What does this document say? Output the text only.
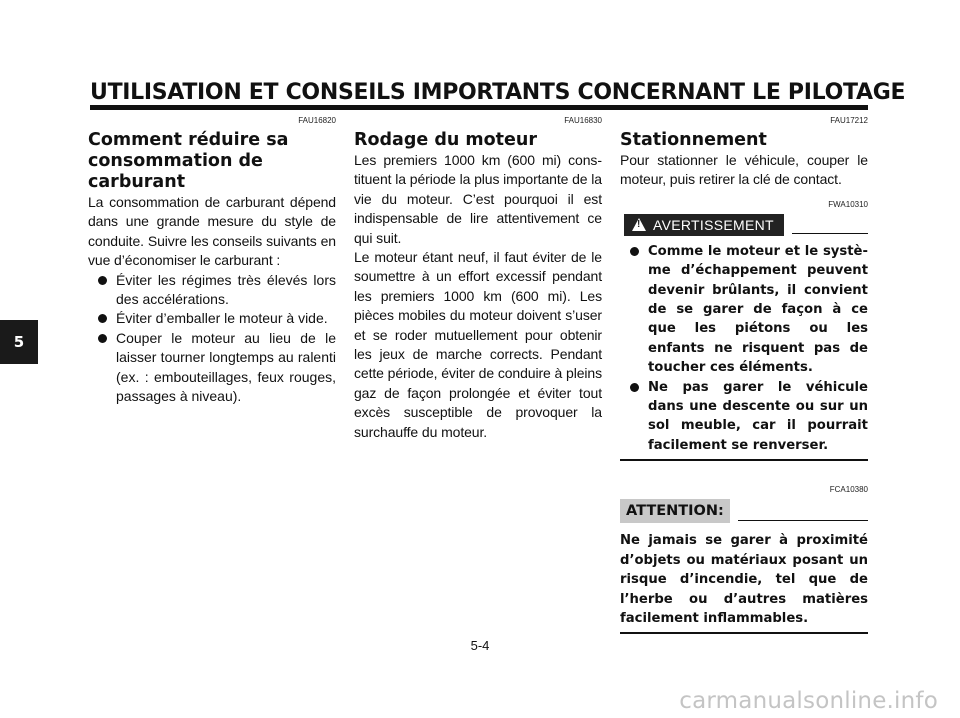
UTILISATION ET CONSEILS IMPORTANTS CONCERNANT LE PILOTAGE
5
FAU16820
Comment réduire sa
consommation de carburant

La consommation de carburant dépend dans une grande mesure du style de conduite. Suivre les conseils suivants en vue d’économiser le carburant :

Éviter les régimes très élevés lors des accélérations.
Éviter d’emballer le moteur à vide.
Couper le moteur au lieu de le laisser tourner longtemps au ralenti (ex. : embouteillages, feux rouges, passages à niveau).
FAU16830
Rodage du moteur

Les premiers 1000 km (600 mi) constituent la période la plus importante de la vie du moteur. C’est pourquoi il est indispensable de lire attentivement ce qui suit.

Le moteur étant neuf, il faut éviter de le soumettre à un effort excessif pendant les premiers 1000 km (600 mi). Les pièces mobiles du moteur doivent s’user et se roder mutuellement pour obtenir les jeux de marche corrects. Pendant cette période, éviter de conduire à pleins gaz de façon prolongée et éviter tout excès susceptible de provoquer la surchauffe du moteur.

FAU17212
Stationnement

Pour stationner le véhicule, couper le moteur, puis retirer la clé de contact.

FWA10310
! AVERTISSEMENT
Comme le moteur et le système d’échappement peuvent devenir brûlants, il convient de se garer de façon à ce que les piétons ou les enfants ne risquent pas de toucher ces éléments.
Ne pas garer le véhicule dans une descente ou sur un sol meuble, car il pourrait facilement se renverser.
FCA10380
ATTENTION:

Ne jamais se garer à proximité d’objets ou matériaux posant un risque d’incendie, tel que de l’herbe ou d’autres matières facilement inflammables.

5-4
carmanualsonline.info
